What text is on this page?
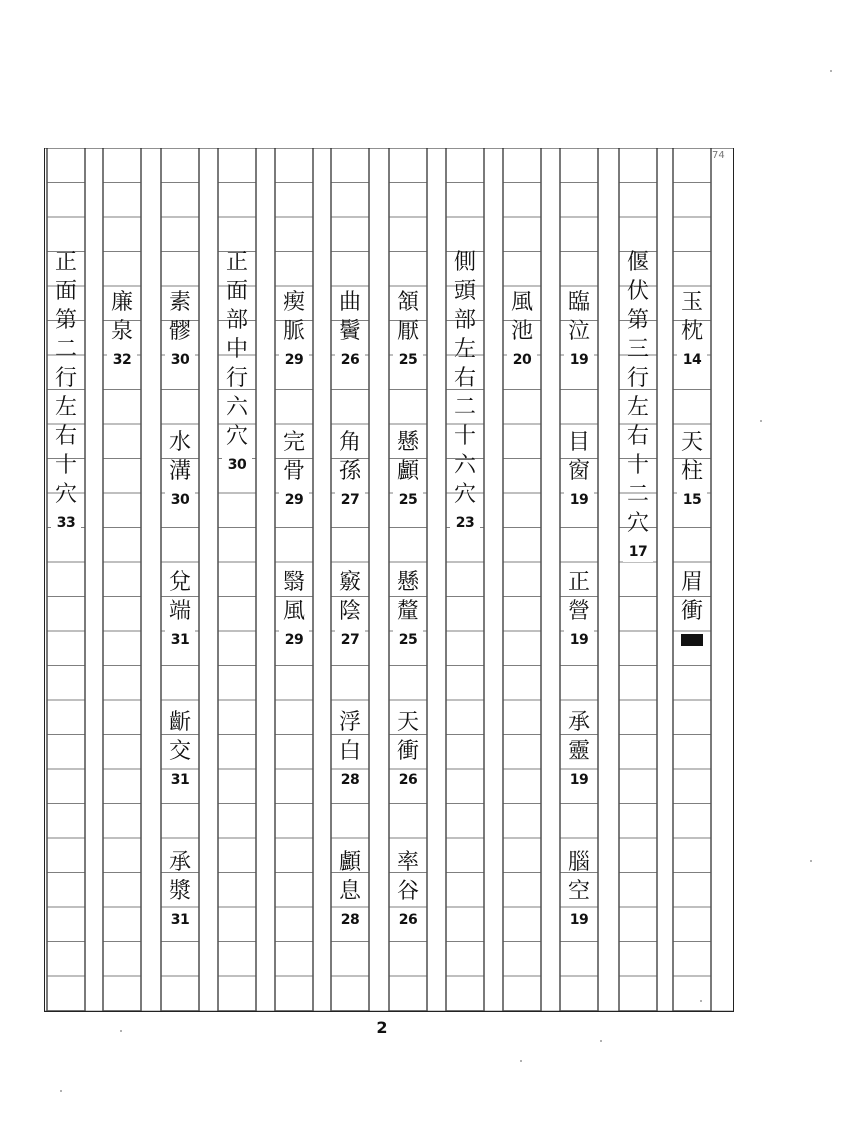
玉
枕
14
天
柱
15
眉
衝
偃
伏
第
三
行
左
右
十
二
穴
17
臨
泣
19
目
窗
19
正
營
19
承
靈
19
腦
空
19
風
池
20
側
頭
部
左
右
二
十
六
穴
23
頷
厭
25
懸
顱
25
懸
釐
25
天
衝
26
率
谷
26
曲
鬢
26
角
孫
27
竅
陰
27
浮
白
28
顱
息
28
瘈
脈
29
完
骨
29
翳
風
29
正
面
部
中
行
六
穴
30
素
髎
30
水
溝
30
兌
端
31
齗
交
31
承
漿
31
廉
泉
32
正
面
第
二
行
左
右
十
穴
33
2
74
